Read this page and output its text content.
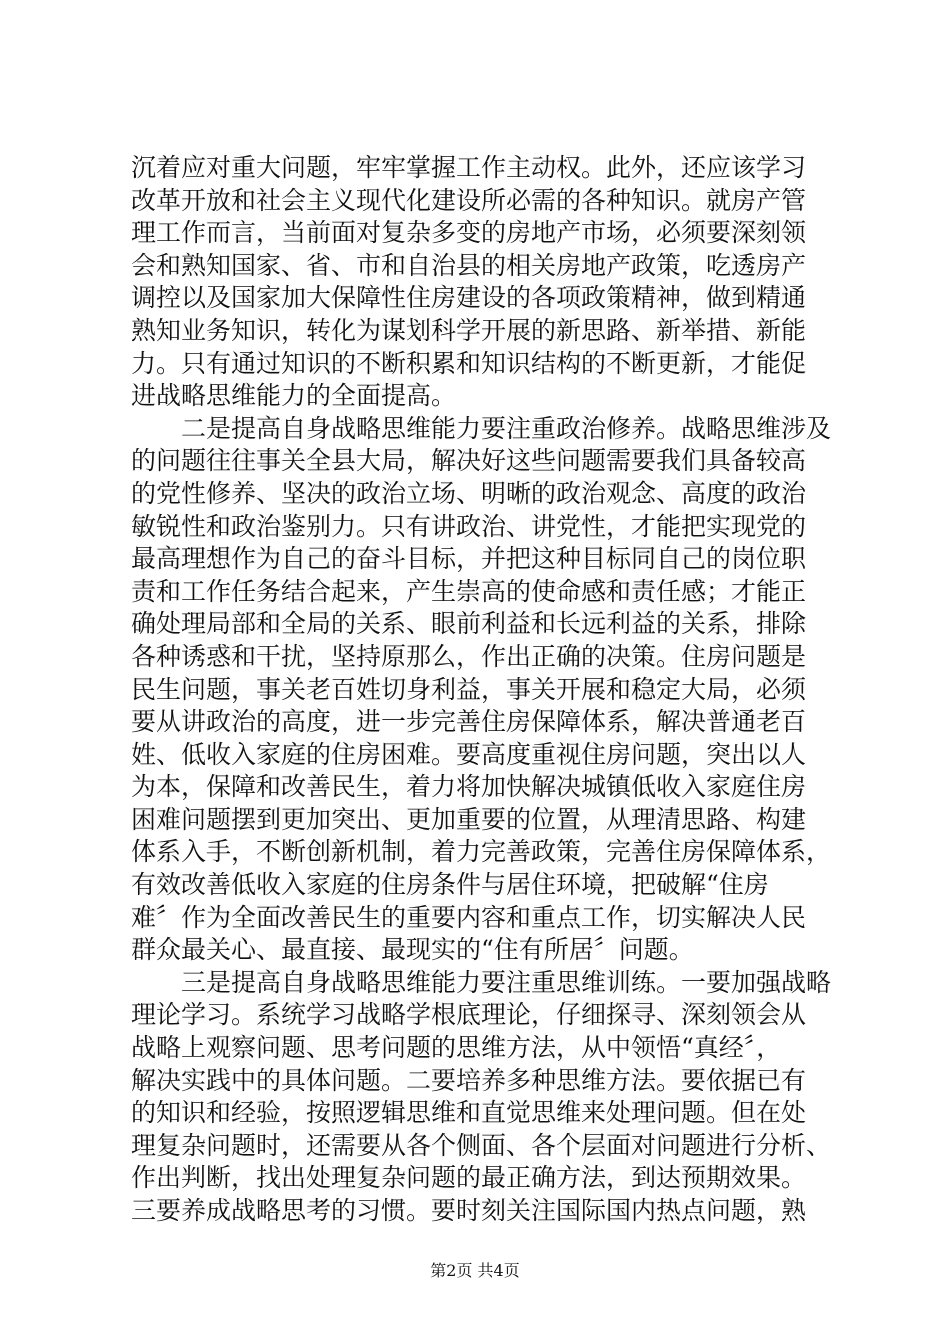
沉着应对重大问题，牢牢掌握工作主动权。此外，还应该学习
改革开放和社会主义现代化建设所必需的各种知识。就房产管
理工作而言，当前面对复杂多变的房地产市场，必须要深刻领
会和熟知国家、省、市和自治县的相关房地产政策，吃透房产
调控以及国家加大保障性住房建设的各项政策精神，做到精通
熟知业务知识，转化为谋划科学开展的新思路、新举措、新能
力。只有通过知识的不断积累和知识结构的不断更新，才能促
进战略思维能力的全面提高。
二是提高自身战略思维能力要注重政治修养。战略思维涉及
的问题往往事关全县大局，解决好这些问题需要我们具备较高
的党性修养、坚决的政治立场、明晰的政治观念、高度的政治
敏锐性和政治鉴别力。只有讲政治、讲党性，才能把实现党的
最高理想作为自己的奋斗目标，并把这种目标同自己的岗位职
责和工作任务结合起来，产生崇高的使命感和责任感；才能正
确处理局部和全局的关系、眼前利益和长远利益的关系，排除
各种诱惑和干扰，坚持原那么，作出正确的决策。住房问题是
民生问题，事关老百姓切身利益，事关开展和稳定大局，必须
要从讲政治的高度，进一步完善住房保障体系，解决普通老百
姓、低收入家庭的住房困难。要高度重视住房问题，突出以人
为本，保障和改善民生，着力将加快解决城镇低收入家庭住房
困难问题摆到更加突出、更加重要的位置，从理清思路、构建
体系入手，不断创新机制，着力完善政策，完善住房保障体系，
有效改善低收入家庭的住房条件与居住环境，把破解“住房
难〞作为全面改善民生的重要内容和重点工作，切实解决人民
群众最关心、最直接、最现实的“住有所居〞问题。
三是提高自身战略思维能力要注重思维训练。一要加强战略
理论学习。系统学习战略学根底理论，仔细探寻、深刻领会从
战略上观察问题、思考问题的思维方法，从中领悟“真经〞，
解决实践中的具体问题。二要培养多种思维方法。要依据已有
的知识和经验，按照逻辑思维和直觉思维来处理问题。但在处
理复杂问题时，还需要从各个侧面、各个层面对问题进行分析、
作出判断，找出处理复杂问题的最正确方法，到达预期效果。
三要养成战略思考的习惯。要时刻关注国际国内热点问题，熟
第2页 共4页
